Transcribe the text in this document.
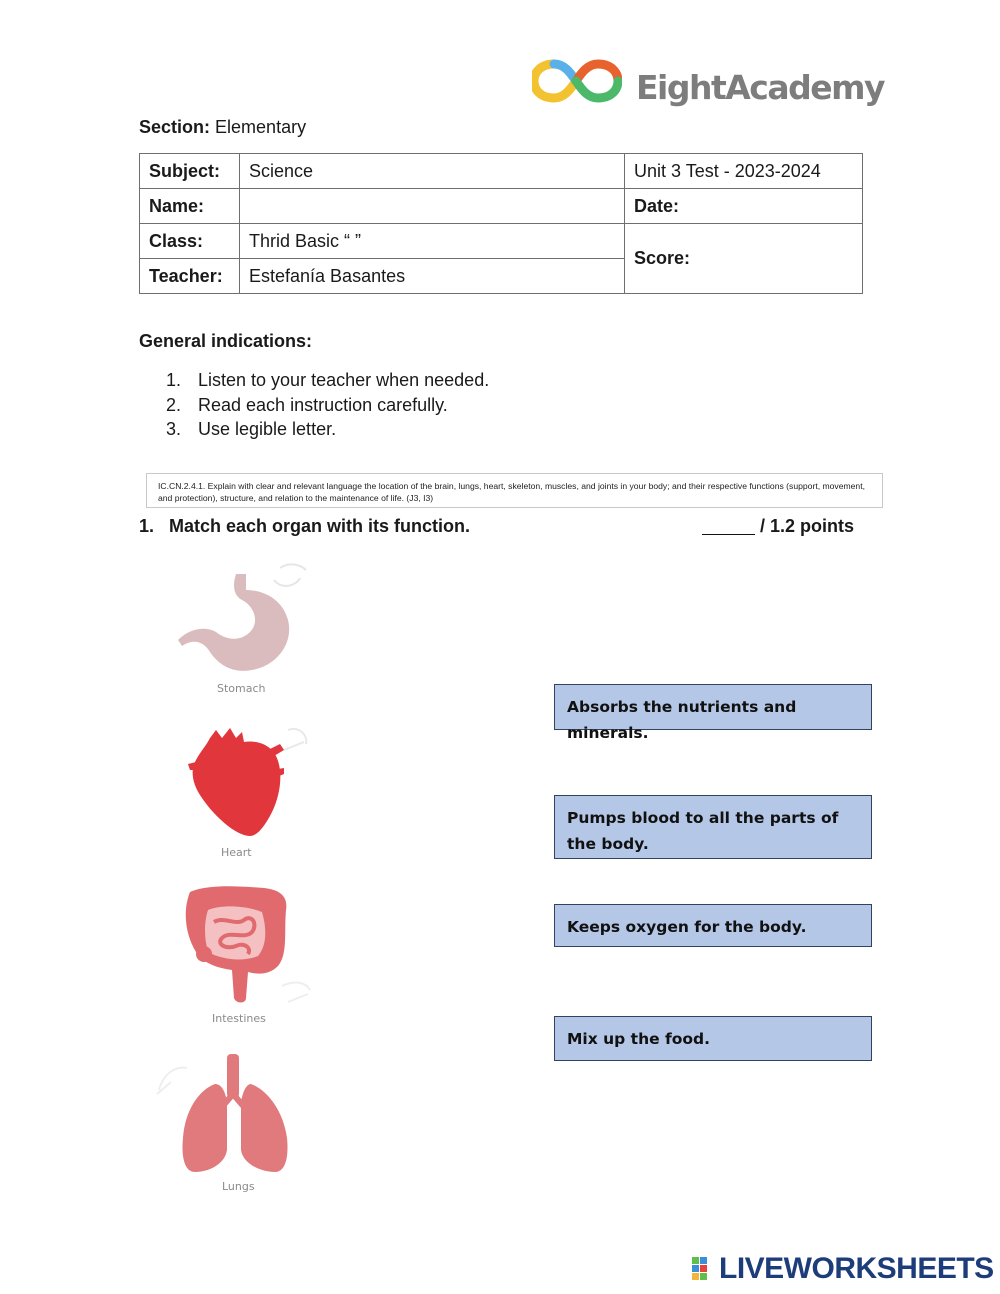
EightAcademy
Section: Elementary
Subject:	Science	Unit 3 Test - 2023-2024
Name:		Date:
Class:	Thrid Basic “ ”	Score:
Teacher:	Estefanía Basantes	
General indications:
1. Listen to your teacher when needed.
2. Read each instruction carefully.
3. Use legible letter.
IC.CN.2.4.1. Explain with clear and relevant language the location of the brain, lungs, heart, skeleton, muscles, and joints in your body; and their respective functions (support, movement, and protection), structure, and relation to the maintenance of life. (J3, I3)
1. Match each organ with its function.	/ 1.2 points
Stomach
Heart
Intestines
Lungs
Absorbs the nutrients and minerals.
Pumps blood to all the parts of the body.
Keeps oxygen for the body.
Mix up the food.
LIVEWORKSHEETS
